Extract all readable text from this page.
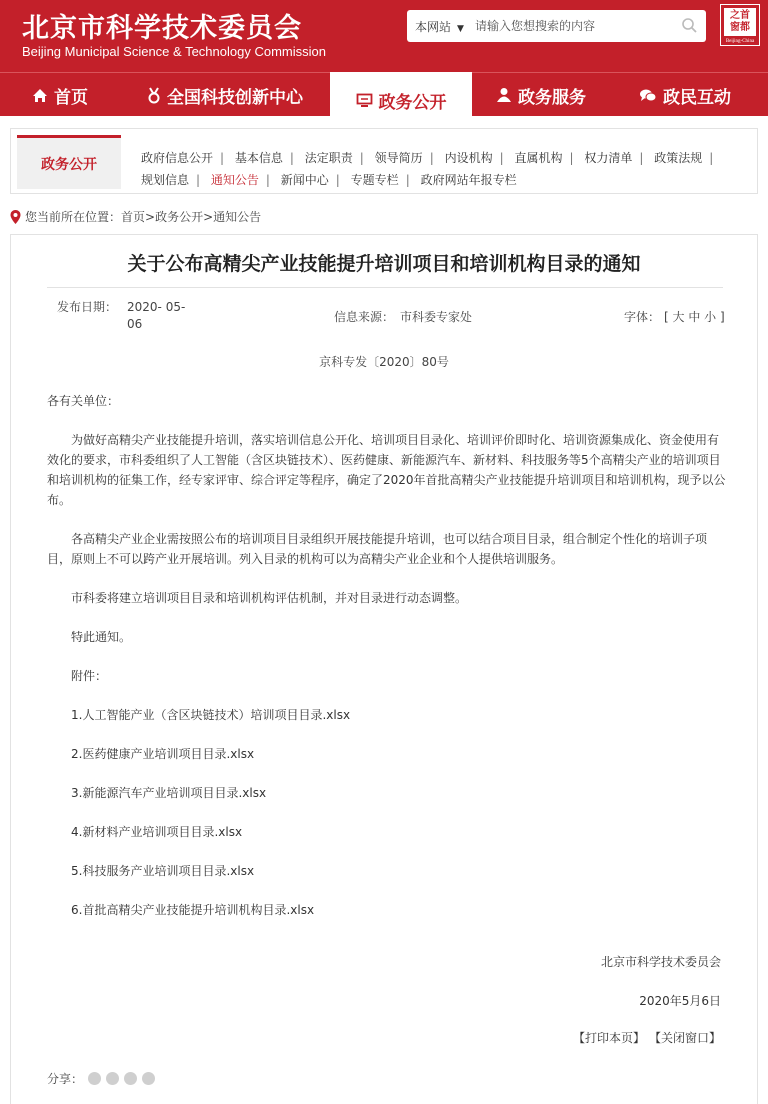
北京市科学技术委员会
Beijing Municipal Science & Technology Commission
本网站 ▼
请输入您想搜索的内容
之首
窗都
Beijing-China
首页	全国科技创新中心	政务公开	政务服务	政民互动
政务公开	政府信息公开 | 基本信息 | 法定职责 | 领导简历 | 内设机构 | 直属机构 | 权力清单 | 政策法规 |
规划信息 | 通知公告 | 新闻中心 | 专题专栏 | 政府网站年报专栏
您当前所在位置： 首页 > 政务公开 > 通知公告
关于公布高精尖产业技能提升培训项目和培训机构目录的通知
发布日期： 2020- 05- 06	信息来源： 市科委专家处	字体： [ 大 中 小 ]
京科专发〔2020〕80号
各有关单位：
为做好高精尖产业技能提升培训，落实培训信息公开化、培训项目目录化、培训评价即时化、培训资源集成化、资金使用有效化的要求，市科委组织了人工智能（含区块链技术）、医药健康、新能源汽车、新材料、科技服务等5个高精尖产业的培训项目和培训机构的征集工作，经专家评审、综合评定等程序，确定了2020年首批高精尖产业技能提升培训项目和培训机构，现予以公布。
各高精尖产业企业需按照公布的培训项目目录组织开展技能提升培训，也可以结合项目目录，组合制定个性化的培训子项目，原则上不可以跨产业开展培训。列入目录的机构可以为高精尖产业企业和个人提供培训服务。
市科委将建立培训项目目录和培训机构评估机制，并对目录进行动态调整。
特此通知。
附件：
1.人工智能产业（含区块链技术）培训项目目录.xlsx
2.医药健康产业培训项目目录.xlsx
3.新能源汽车产业培训项目目录.xlsx
4.新材料产业培训项目目录.xlsx
5.科技服务产业培训项目目录.xlsx
6.首批高精尖产业技能提升培训机构目录.xlsx
北京市科学技术委员会
2020年5月6日
【打印本页】 【关闭窗口】
分享：
